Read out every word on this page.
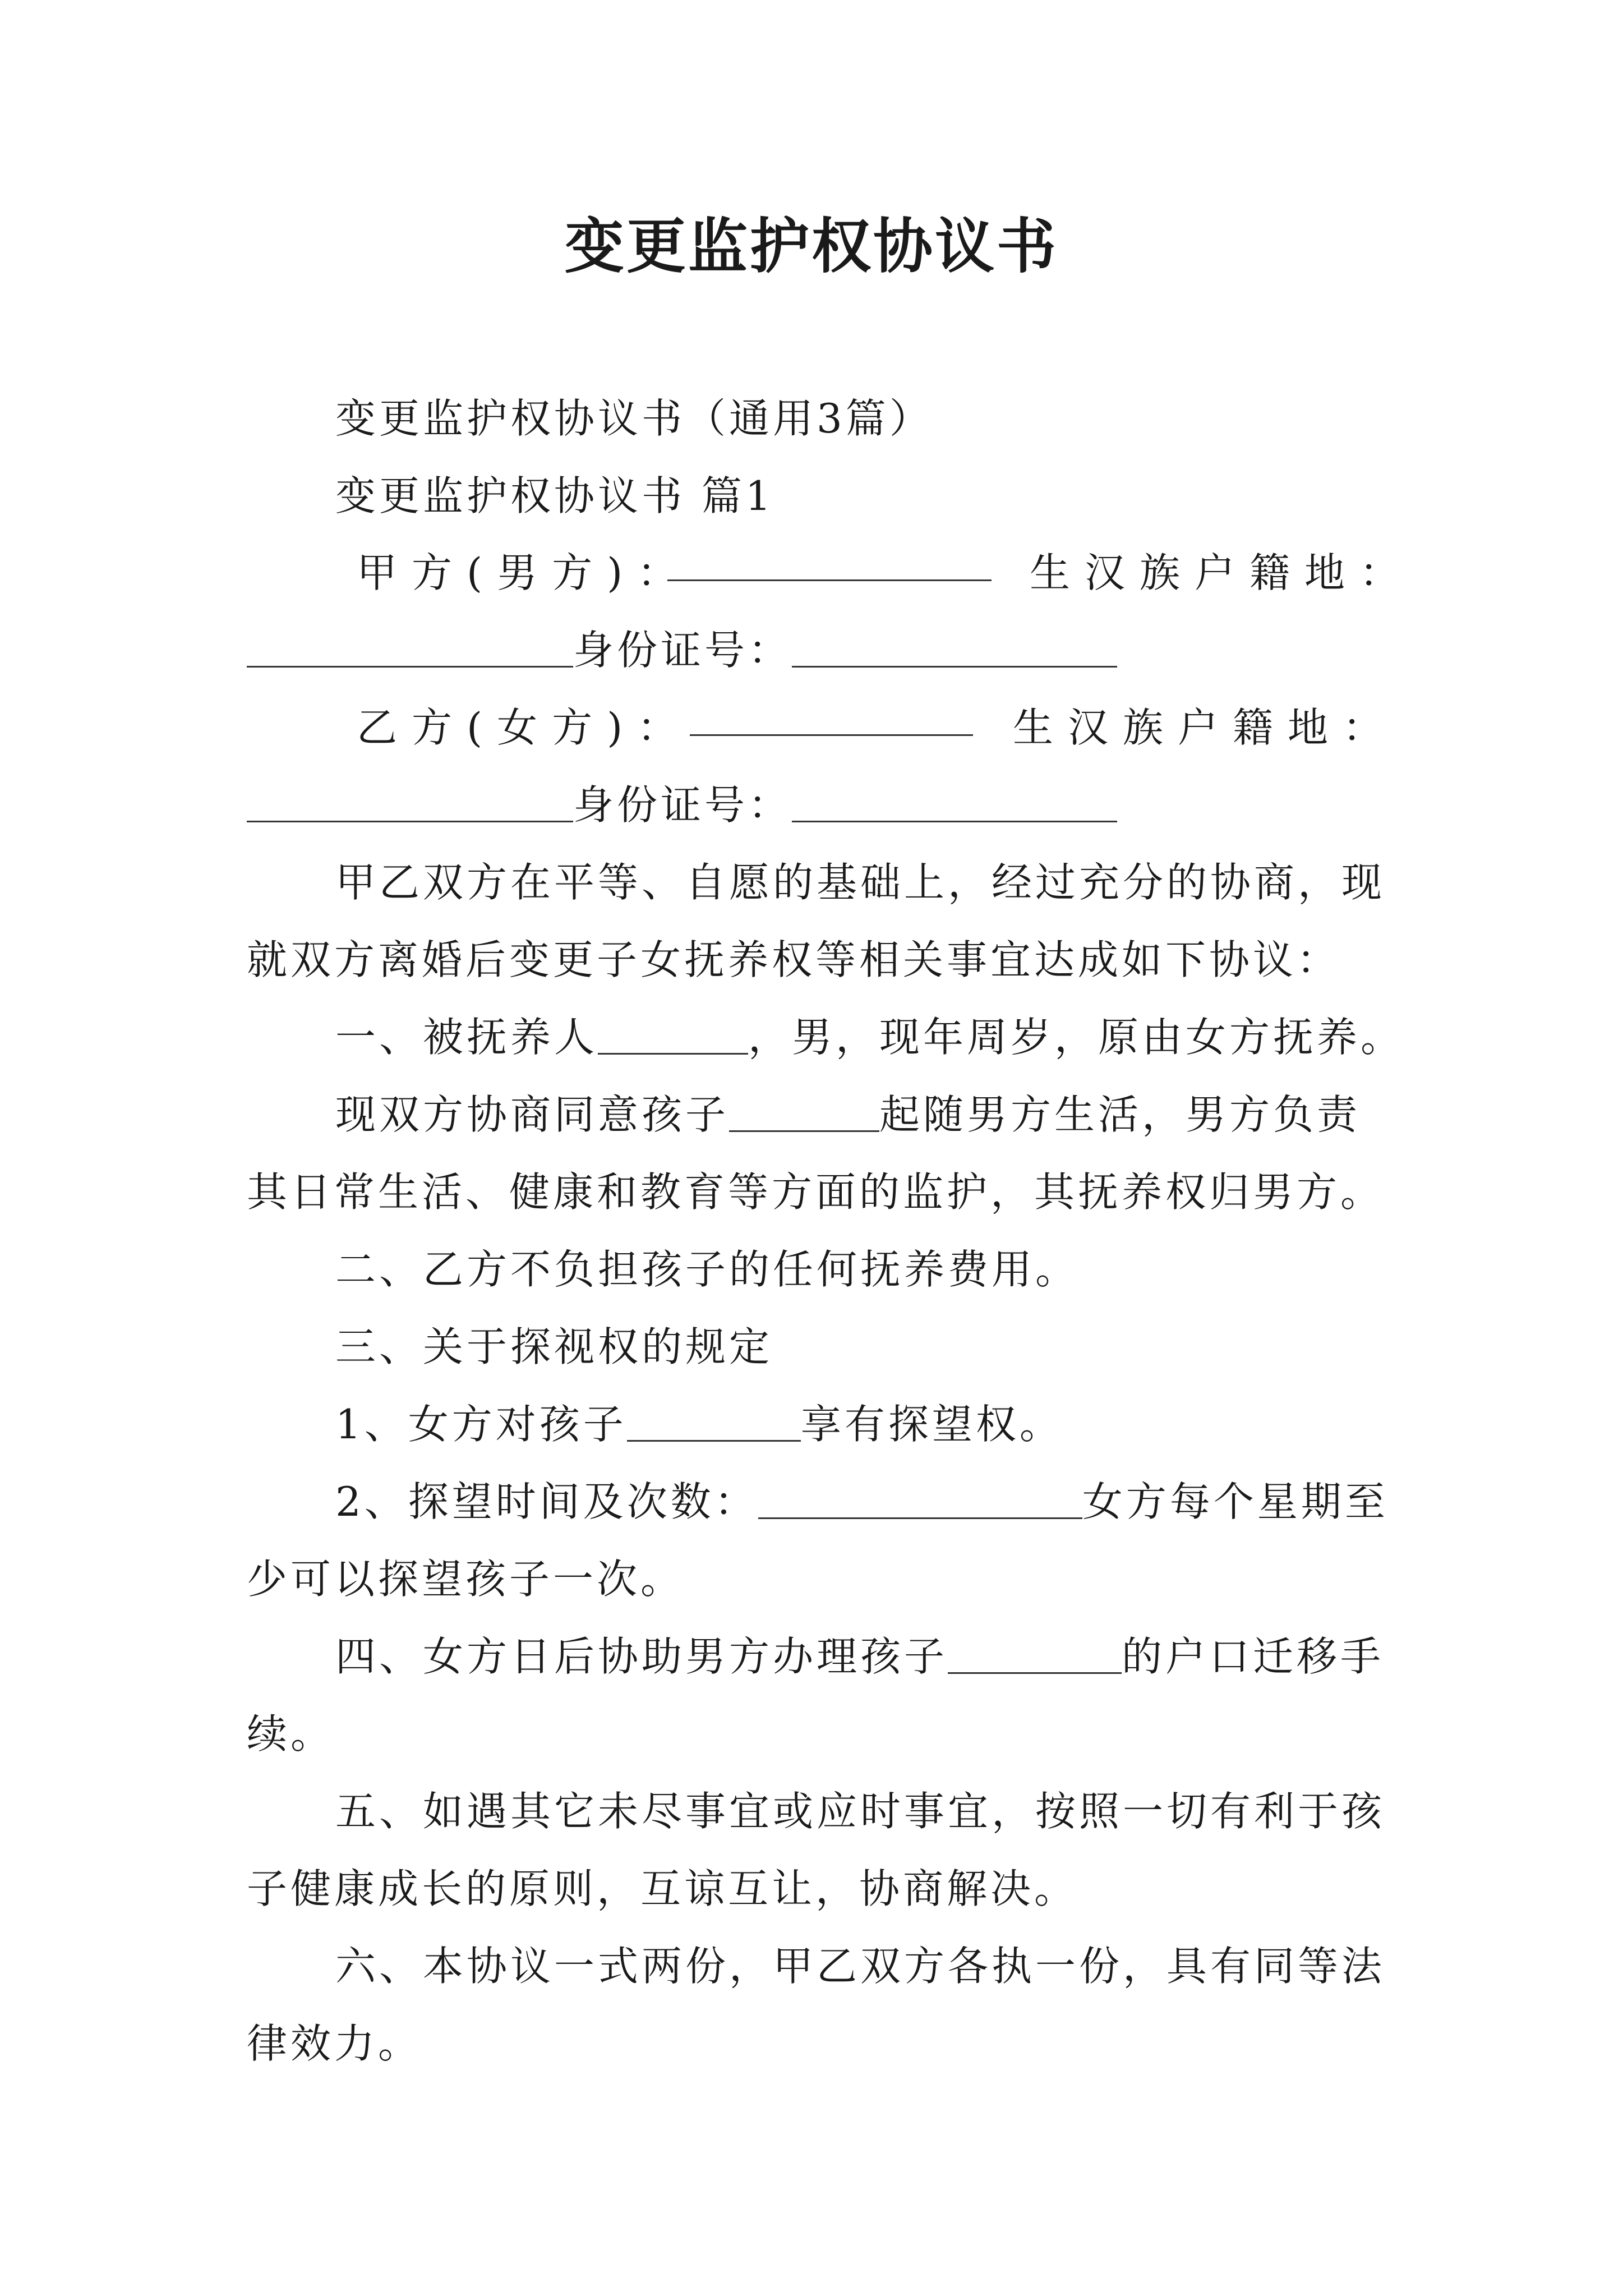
变更监护权协议书
变更监护权协议书（通用3篇）
变更监护权协议书 篇1
甲方(男方)：	生汉族户籍地：
身份证号：
乙方(女方)：	生汉族户籍地：
身份证号：
甲乙双方在平等、自愿的基础上，经过充分的协商，现
就双方离婚后变更子女抚养权等相关事宜达成如下协议：
一、被抚养人	，男，现年周岁，原由女方抚养。
现双方协商同意孩子	起随男方生活，男方负责
其日常生活、健康和教育等方面的监护，其抚养权归男方。
二、乙方不负担孩子的任何抚养费用。
三、关于探视权的规定
1、女方对孩子	享有探望权。
2、探望时间及次数：	女方每个星期至
少可以探望孩子一次。
四、女方日后协助男方办理孩子	的户口迁移手
续。
五、如遇其它未尽事宜或应时事宜，按照一切有利于孩
子健康成长的原则，互谅互让，协商解决。
六、本协议一式两份，甲乙双方各执一份，具有同等法
律效力。
